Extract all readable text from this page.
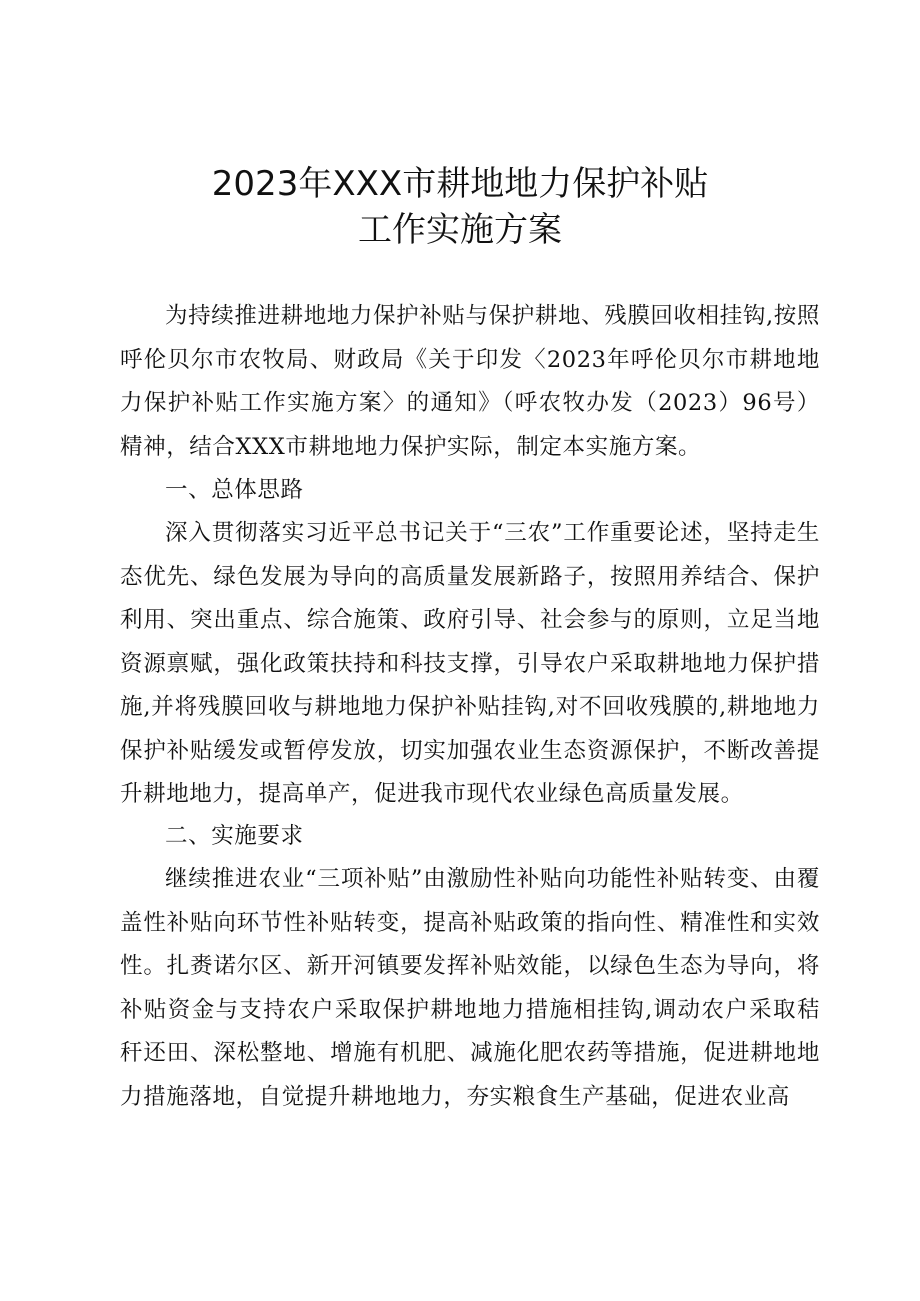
2023年XXX市耕地地力保护补贴
工作实施方案

为持续推进耕地地力保护补贴与保护耕地、残膜回收相挂钩,按照呼伦贝尔市农牧局、财政局《关于印发〈2023年呼伦贝尔市耕地地力保护补贴工作实施方案〉的通知》（呼农牧办发（2023）96号）精神，结合XXX市耕地地力保护实际，制定本实施方案。

一、总体思路

深入贯彻落实习近平总书记关于“三农”工作重要论述，坚持走生态优先、绿色发展为导向的高质量发展新路子，按照用养结合、保护利用、突出重点、综合施策、政府引导、社会参与的原则，立足当地资源禀赋，强化政策扶持和科技支撑，引导农户采取耕地地力保护措施,并将残膜回收与耕地地力保护补贴挂钩,对不回收残膜的,耕地地力保护补贴缓发或暂停发放，切实加强农业生态资源保护，不断改善提升耕地地力，提高单产，促进我市现代农业绿色高质量发展。

二、实施要求

继续推进农业“三项补贴”由激励性补贴向功能性补贴转变、由覆盖性补贴向环节性补贴转变，提高补贴政策的指向性、精准性和实效性。扎赉诺尔区、新开河镇要发挥补贴效能，以绿色生态为导向，将补贴资金与支持农户采取保护耕地地力措施相挂钩,调动农户采取秸秆还田、深松整地、增施有机肥、减施化肥农药等措施，促进耕地地力措施落地，自觉提升耕地地力，夯实粮食生产基础，促进农业高
